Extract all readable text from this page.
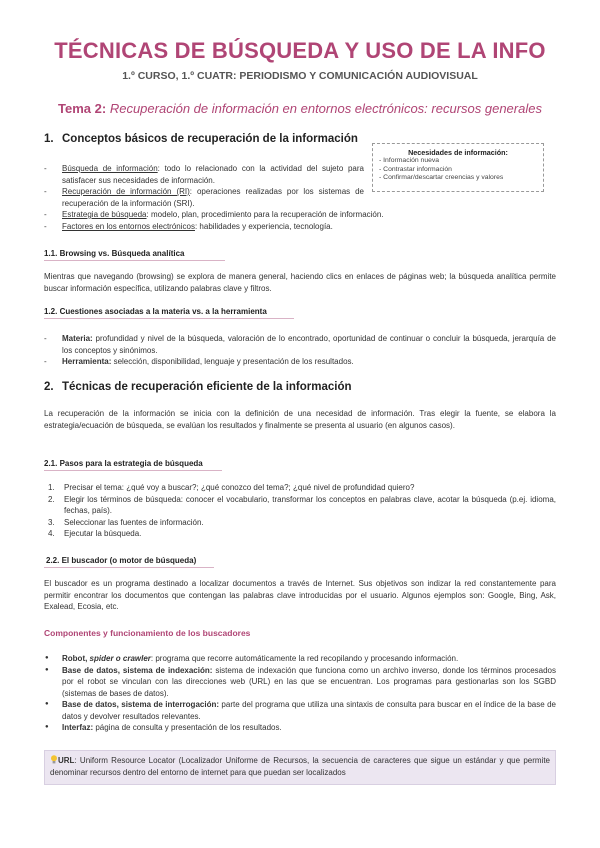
TÉCNICAS DE BÚSQUEDA Y USO DE LA INFO
1.º CURSO, 1.º CUATR: PERIODISMO Y COMUNICACIÓN AUDIOVISUAL
Tema 2: Recuperación de información en entornos electrónicos: recursos generales
1. Conceptos básicos de recuperación de la información
Necesidades de información:
- Información nueva
- Contrastar información
- Confirmar/descartar creencias y valores
- Búsqueda de información: todo lo relacionado con la actividad del sujeto para satisfacer sus necesidades de información.
- Recuperación de información (RI): operaciones realizadas por los sistemas de recuperación de la información (SRI).
- Estrategia de búsqueda: modelo, plan, procedimiento para la recuperación de información.
- Factores en los entornos electrónicos: habilidades y experiencia, tecnología.
1.1. Browsing vs. Búsqueda analítica
Mientras que navegando (browsing) se explora de manera general, haciendo clics en enlaces de páginas web; la búsqueda analítica permite buscar información específica, utilizando palabras clave y filtros.
1.2. Cuestiones asociadas a la materia vs. a la herramienta
- Materia: profundidad y nivel de la búsqueda, valoración de lo encontrado, oportunidad de continuar o concluir la búsqueda, jerarquía de los conceptos y sinónimos.
- Herramienta: selección, disponibilidad, lenguaje y presentación de los resultados.
2. Técnicas de recuperación eficiente de la información
La recuperación de la información se inicia con la definición de una necesidad de información. Tras elegir la fuente, se elabora la estrategia/ecuación de búsqueda, se evalúan los resultados y finalmente se presenta al usuario (en algunos casos).
2.1. Pasos para la estrategia de búsqueda
1. Precisar el tema: ¿qué voy a buscar?; ¿qué conozco del tema?; ¿qué nivel de profundidad quiero?
2. Elegir los términos de búsqueda: conocer el vocabulario, transformar los conceptos en palabras clave, acotar la búsqueda (p.ej. idioma, fechas, país).
3. Seleccionar las fuentes de información.
4. Ejecutar la búsqueda.
2.2. El buscador (o motor de búsqueda)
El buscador es un programa destinado a localizar documentos a través de Internet. Sus objetivos son indizar la red constantemente para permitir encontrar los documentos que contengan las palabras clave introducidas por el usuario. Algunos ejemplos son: Google, Bing, Ask, Exalead, Ecosia, etc.
Componentes y funcionamiento de los buscadores
● Robot, spider o crawler: programa que recorre automáticamente la red recopilando y procesando información.
● Base de datos, sistema de indexación: sistema de indexación que funciona como un archivo inverso, donde los términos procesados por el robot se vinculan con las direcciones web (URL) en las que se encuentran. Los programas para gestionarlas son los SGBD (sistemas de bases de datos).
● Base de datos, sistema de interrogación: parte del programa que utiliza una sintaxis de consulta para buscar en el índice de la base de datos y devolver resultados relevantes.
● Interfaz: página de consulta y presentación de los resultados.
URL: Uniform Resource Locator (Localizador Uniforme de Recursos, la secuencia de caracteres que sigue un estándar y que permite denominar recursos dentro del entorno de internet para que puedan ser localizados
